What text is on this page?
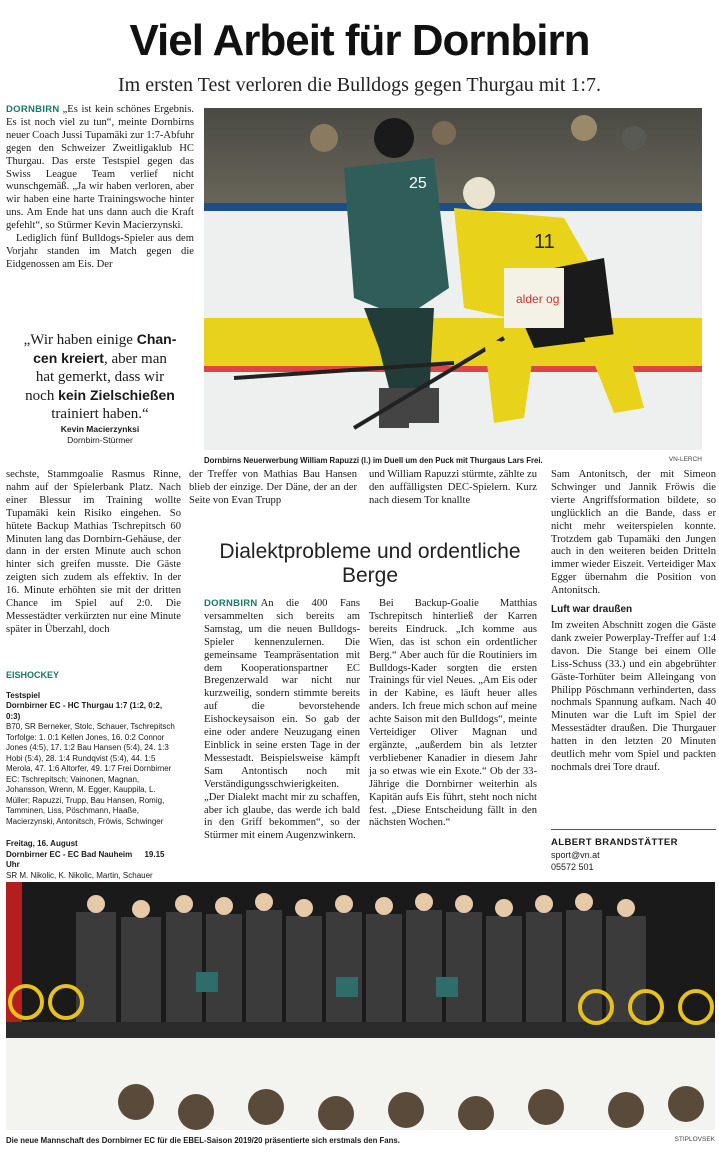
Viel Arbeit für Dornbirn

Im ersten Test verloren die Bulldogs gegen Thurgau mit 1:7.

DORNBIRN „Es ist kein schönes Ergebnis. Es ist noch viel zu tun“, meinte Dornbirns neuer Coach Jussi Tupamäki zur 1:7-Abfuhr gegen den Schweizer Zweitligaklub HC Thurgau. Das erste Testspiel gegen das Swiss League Team verlief nicht wunschgemäß. „Ja wir haben verloren, aber wir haben eine harte Trainingswoche hinter uns. Am Ende hat uns dann auch die Kraft gefehlt“, so Stürmer Kevin Macierzynski.

Lediglich fünf Bulldogs-Spieler aus dem Vorjahr standen im Match gegen die Eidgenossen am Eis. Der

„Wir haben einige Chan-
cen kreiert, aber man
hat gemerkt, dass wir
noch kein Zielschießen
trainiert haben.“
Kevin Macierzynksi
Dornbirn-Stürmer
25
alder og
11
Dornbirns Neuerwerbung William Rapuzzi (l.) im Duell um den Puck mit Thurgaus Lars Frei.	VN-LERCH

sechste, Stammgoalie Rasmus Rinne, nahm auf der Spielerbank Platz. Nach einer Blessur im Training wollte Tupamäki kein Risiko eingehen. So hütete Backup Mathias Tschrepitsch 60 Minuten lang das Dornbirn-Gehäuse, der dann in der ersten Minute auch schon hinter sich greifen musste. Die Gäste zeigten sich zudem als effektiv. In der 16. Minute erhöhten sie mit der dritten Chance im Spiel auf 2:0. Die Messestädter verkürzten nur eine Minute später in Überzahl, doch

der Treffer von Mathias Bau Hansen blieb der einzige. Der Däne, der an der Seite von Evan Trupp

und William Rapuzzi stürmte, zählte zu den auffälligsten DEC-Spielern. Kurz nach diesem Tor knallte

Sam Antonitsch, der mit Simeon Schwinger und Jannik Fröwis die vierte Angriffsformation bildete, so unglücklich an die Bande, dass er nicht mehr weiterspielen konnte. Trotzdem gab Tupamäki den Jungen auch in den weiteren beiden Dritteln immer wieder Eiszeit. Verteidiger Max Egger übernahm die Position von Antonitsch.

Luft war draußen

Im zweiten Abschnitt zogen die Gäste dank zweier Powerplay-Treffer auf 1:4 davon. Die Stange bei einem Olle Liss-Schuss (33.) und ein abgebrühter Gäste-Torhüter beim Alleingang von Philipp Pöschmann verhinderten, dass nochmals Spannung aufkam. Nach 40 Minuten war die Luft im Spiel der Messestädter draußen. Die Thurgauer hatten in den letzten 20 Minuten deutlich mehr vom Spiel und packten nochmals drei Tore drauf.

EISHOCKEY
Testspiel
Dornbirner EC - HC Thurgau 1:7 (1:2, 0:2, 0:3)
B70, SR Berneker, Stolc, Schauer, Tschrepitsch Torfolge: 1. 0:1 Kellen Jones, 16. 0:2 Connor Jones (4:5), 17. 1:2 Bau Hansen (5:4), 24. 1:3 Hobi (5:4), 28. 1:4 Rundqvist (5:4), 44. 1:5 Merola, 47. 1:6 Altorfer, 49. 1:7 Frei Dornbirner EC: Tschrepitsch; Vainonen, Magnan, Johansson, Wrenn, M. Egger, Kauppila, L. Müller; Rapuzzi, Trupp, Bau Hansen, Romig, Tamminen, Liss, Pöschmann, Haaße, Macierzynski, Antonitsch, Fröwis, Schwinger
Freitag, 16. August
Dornbirner EC - EC Bad Nauheim 19.15 Uhr
SR M. Nikolic, K. Nikolic, Martin, Schauer
Dialektprobleme und ordentliche Berge

DORNBIRN An die 400 Fans versammelten sich bereits am Samstag, um die neuen Bulldogs-Spieler kennenzulernen. Die gemeinsame Teampräsentation mit dem Kooperationspartner EC Bregenzerwald war nicht nur kurzweilig, sondern stimmte bereits auf die bevorstehende Eishockeysaison ein. So gab der eine oder andere Neuzugang einen Einblick in seine ersten Tage in der Messestadt. Beispielsweise kämpft Sam Antontisch noch mit Verständigungsschwierigkeiten. „Der Dialekt macht mir zu schaffen, aber ich glaube, das werde ich bald in den Griff bekommen“, so der Stürmer mit einem Augenzwinkern.

Bei Backup-Goalie Matthias Tschrepitsch hinterließ der Karren bereits Eindruck. „Ich komme aus Wien, das ist schon ein ordentlicher Berg.“ Aber auch für die Routiniers im Bulldogs-Kader sorgten die ersten Trainings für viel Neues. „Am Eis oder in der Kabine, es läuft heuer alles anders. Ich freue mich schon auf meine achte Saison mit den Bulldogs“, meinte Verteidiger Oliver Magnan und ergänzte, „außerdem bin als letzter verbliebener Kanadier in diesem Jahr ja so etwas wie ein Exote.“ Ob der 33-Jährige die Dornbirner weiterhin als Kapitän aufs Eis führt, steht noch nicht fest. „Diese Entscheidung fällt in den nächsten Wochen.“

ALBERT BRANDSTÄTTER
sport@vn.at
05572 501
Die neue Mannschaft des Dornbirner EC für die EBEL-Saison 2019/20 präsentierte sich erstmals den Fans.	STIPLOVSEK
